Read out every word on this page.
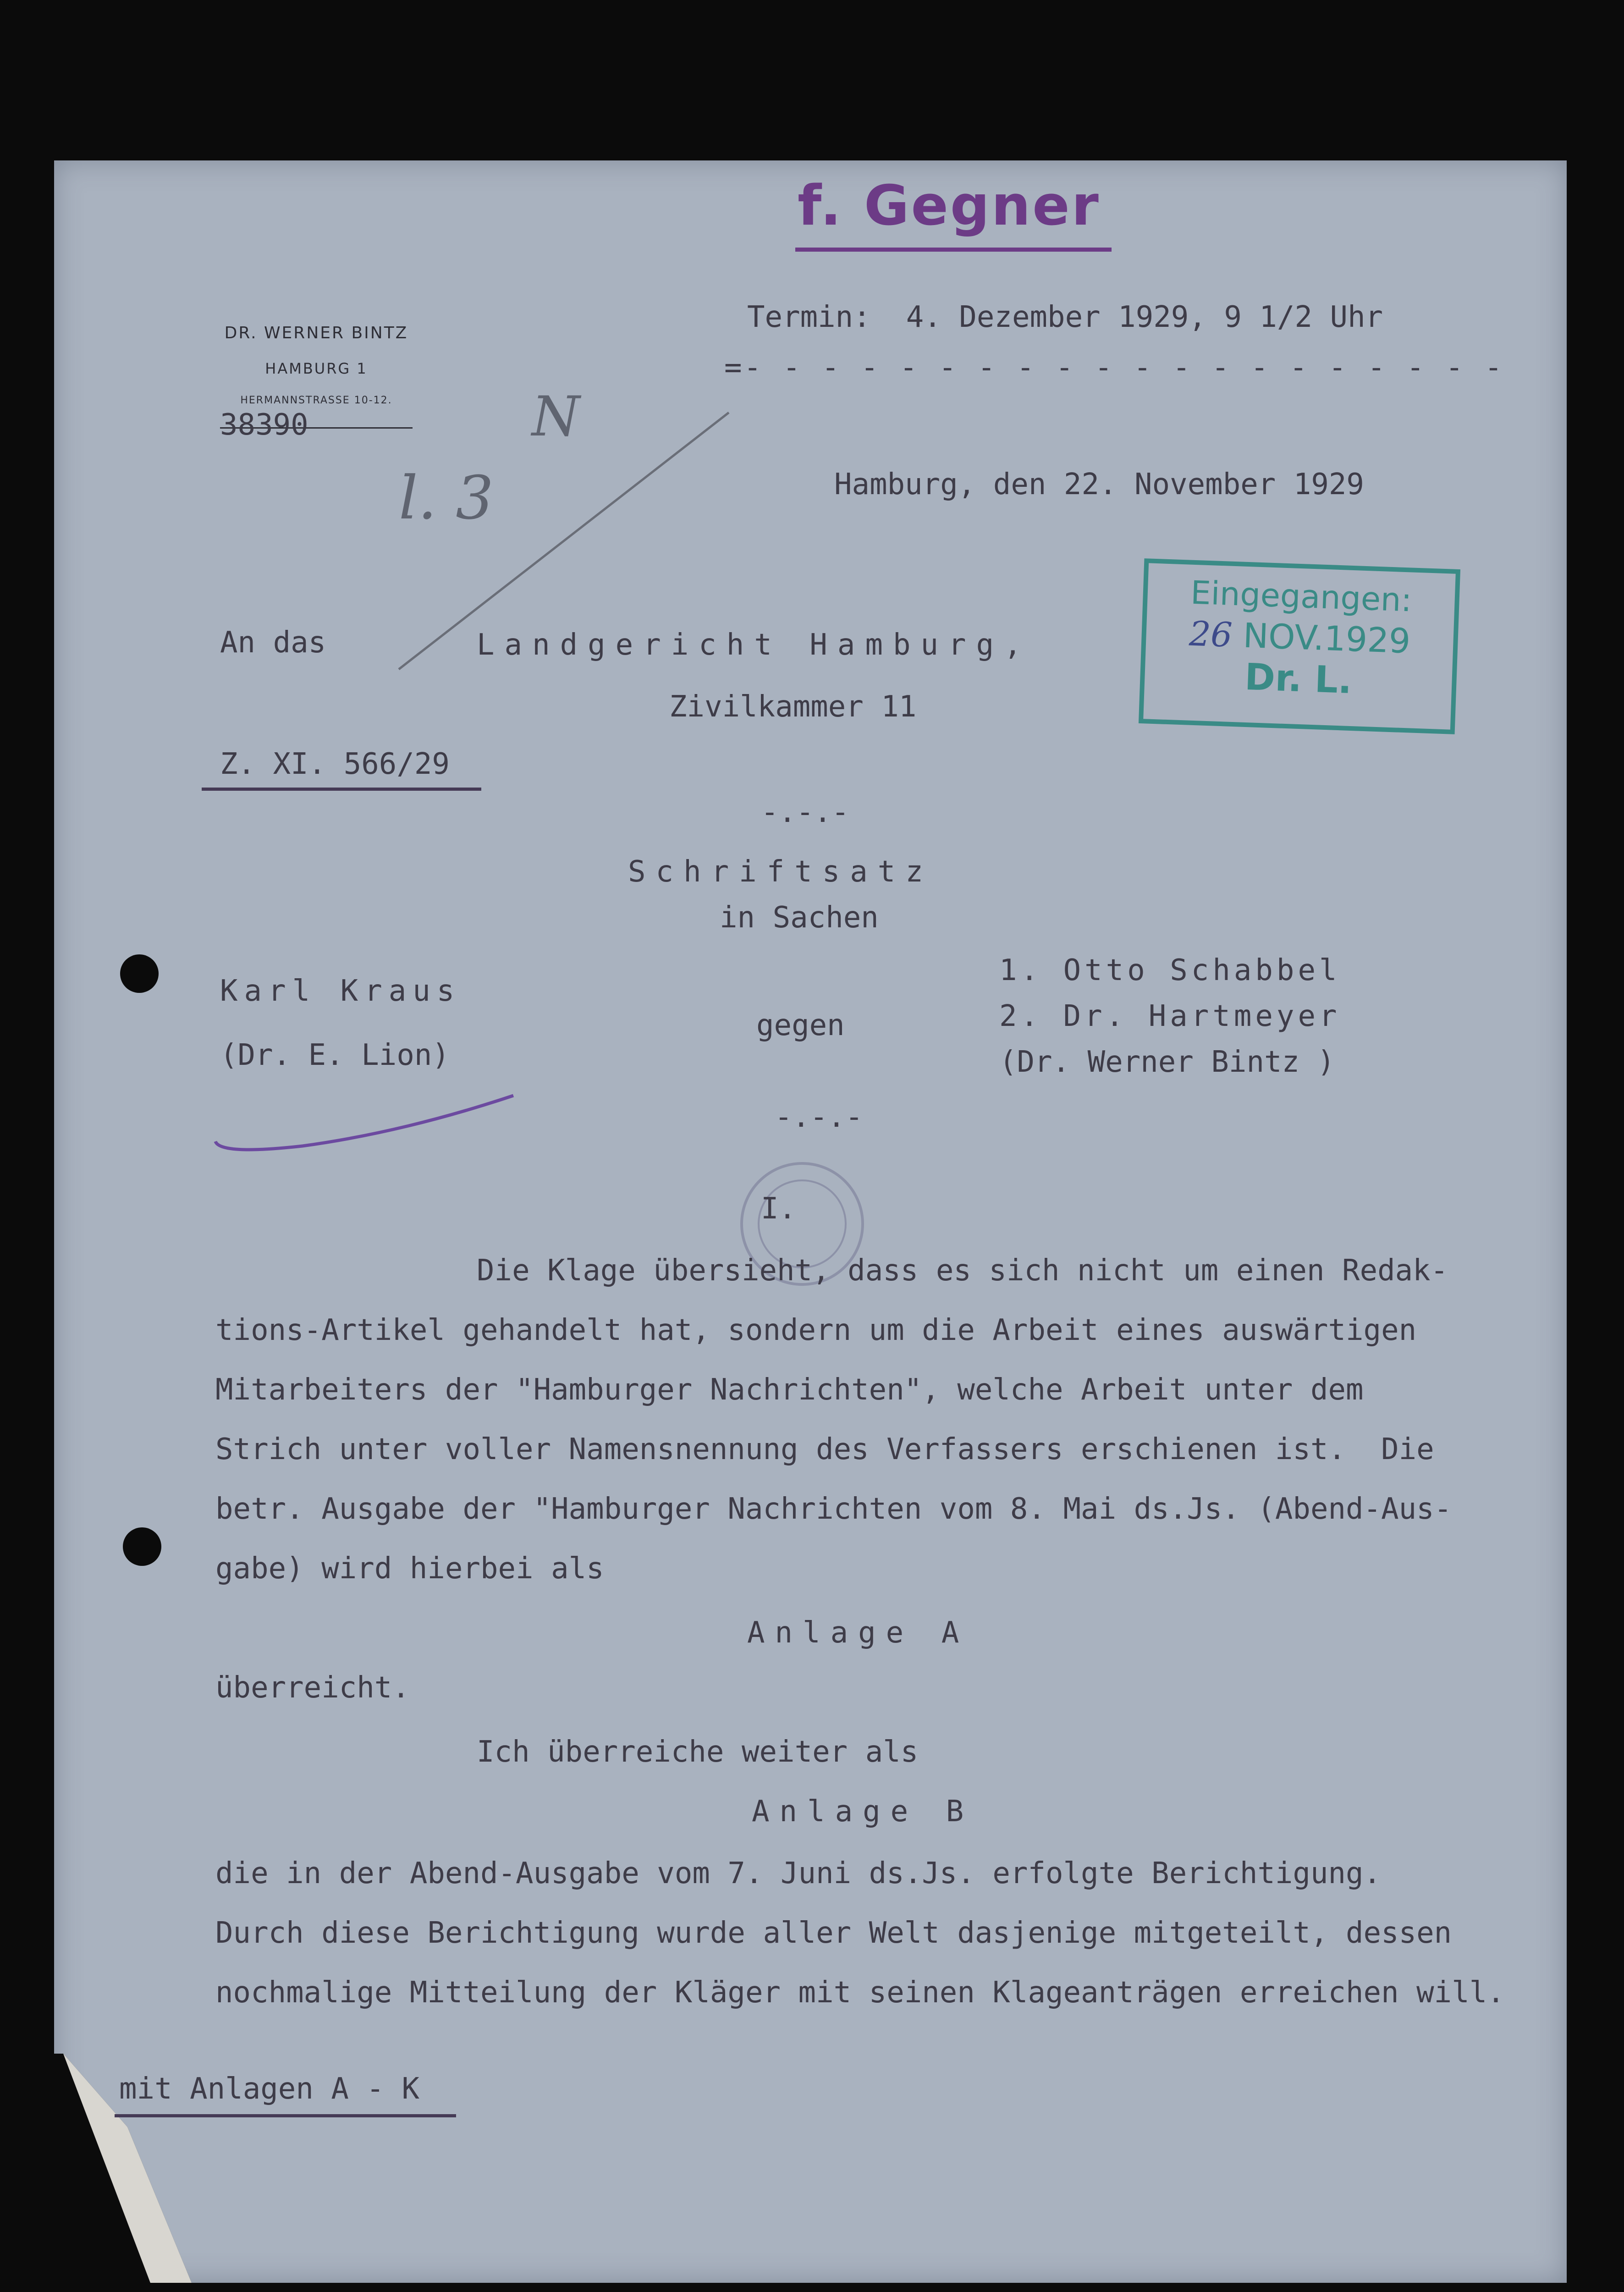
f. Gegner

DR. WERNER BINTZ

HAMBURG 1

HERMANNSTRASSE 10-12.

38390
l. 3
N
Termin:  4. Dezember 1929, 9 1/2 Uhr
=- - - - - - - - - - - - - - - - - - - -
Hamburg, den 22. November 1929
Eingegangen:
26 NOV.1929
Dr. L.
An das	Landgericht Hamburg,
Zivilkammer 11
Z. XI. 566/29
-.-.-
Schriftsatz
in Sachen
Karl Kraus
(Dr. E. Lion)
gegen
1. Otto Schabbel
2. Dr. Hartmeyer
(Dr. Werner Bintz )
-.-.-
I.
Die Klage übersieht, dass es sich nicht um einen Redak-
tions-Artikel gehandelt hat, sondern um die Arbeit eines auswärtigen
Mitarbeiters der "Hamburger Nachrichten", welche Arbeit unter dem
Strich unter voller Namensnennung des Verfassers erschienen ist.  Die
betr. Ausgabe der "Hamburger Nachrichten vom 8. Mai ds.Js. (Abend-Aus-
gabe) wird hierbei als
Anlage A
überreicht.
Ich überreiche weiter als
Anlage B
die in der Abend-Ausgabe vom 7. Juni ds.Js. erfolgte Berichtigung.
Durch diese Berichtigung wurde aller Welt dasjenige mitgeteilt, dessen
nochmalige Mitteilung der Kläger mit seinen Klageanträgen erreichen will.
mit Anlagen A - K
